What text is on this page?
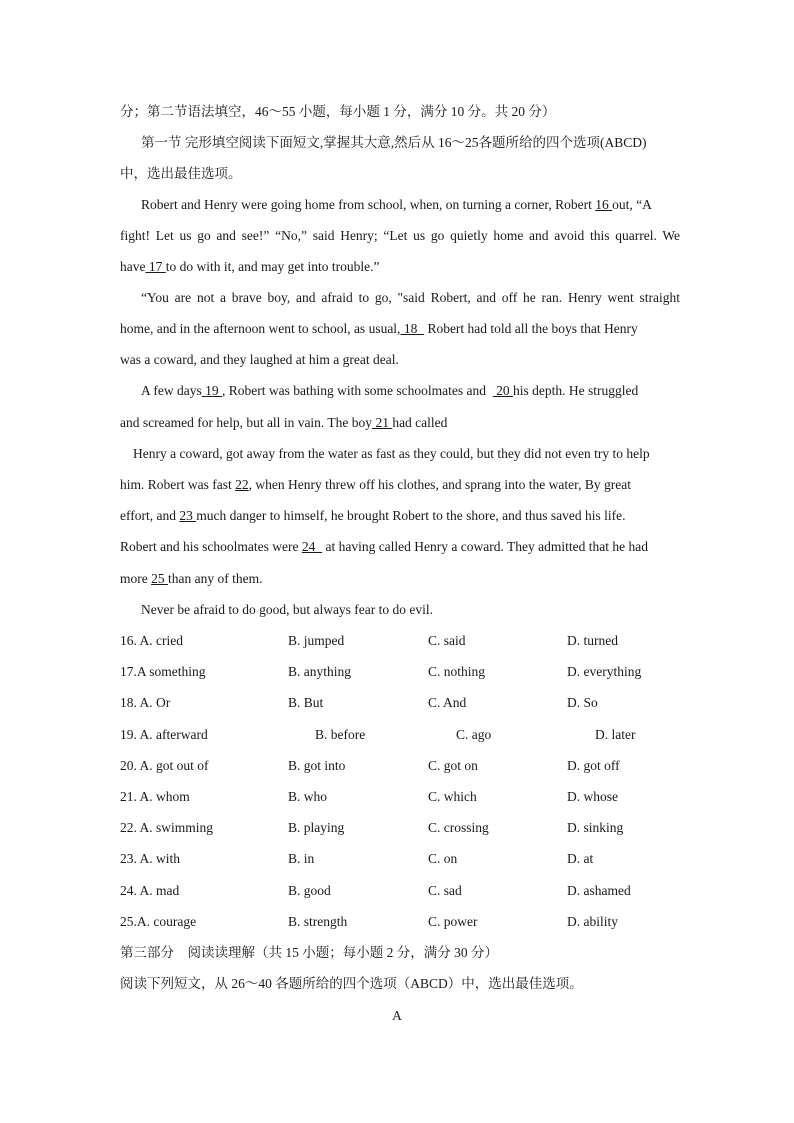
分；第二节语法填空，46～55 小题，每小题 1 分，满分 10 分。共 20 分）
第一节 完形填空阅读下面短文,掌握其大意,然后从 16～25各题所给的四个选项(ABCD)
中，选出最佳选项。
Robert and Henry were going home from school, when, on turning a corner, Robert 16 out, “A
fight! Let us go and see!” “No,” said Henry; “Let us go quietly home and avoid this quarrel. We
have 17 to do with it, and may get into trouble.”
“You are not a brave boy, and afraid to go, "said Robert, and off he ran. Henry went straight
home, and in the afternoon went to school, as usual, 18   Robert had told all the boys that Henry
was a coward, and they laughed at him a great deal.
A few days 19 , Robert was bathing with some schoolmates and   20 his depth. He struggled
and screamed for help, but all in vain. The boy 21 had called
Henry a coward, got away from the water as fast as they could, but they did not even try to help
him. Robert was fast 22, when Henry threw off his clothes, and sprang into the water, By great
effort, and 23 much danger to himself, he brought Robert to the shore, and thus saved his life.
Robert and his schoolmates were 24   at having called Henry a coward. They admitted that he had
more 25 than any of them.
Never be afraid to do good, but always fear to do evil.
16. A. cried	B. jumped	C. said	D. turned
17.A something	B. anything	C. nothing	D. everything
18. A. Or	B. But	C. And	D. So
19. A. afterward	B. before	C. ago	D. later
20. A. got out of	B. got into	C. got on	D. got off
21. A. whom	B. who	C. which	D. whose
22. A. swimming	B. playing	C. crossing	D. sinking
23. A. with	B. in	C. on	D. at
24. A. mad	B. good	C. sad	D. ashamed
25.A. courage	B. strength	C. power	D. ability
第三部分　阅读读理解（共 15 小题；每小题 2 分，满分 30 分）
阅读下列短文，从 26～40 各题所给的四个选项（ABCD）中，选出最佳选项。
A
